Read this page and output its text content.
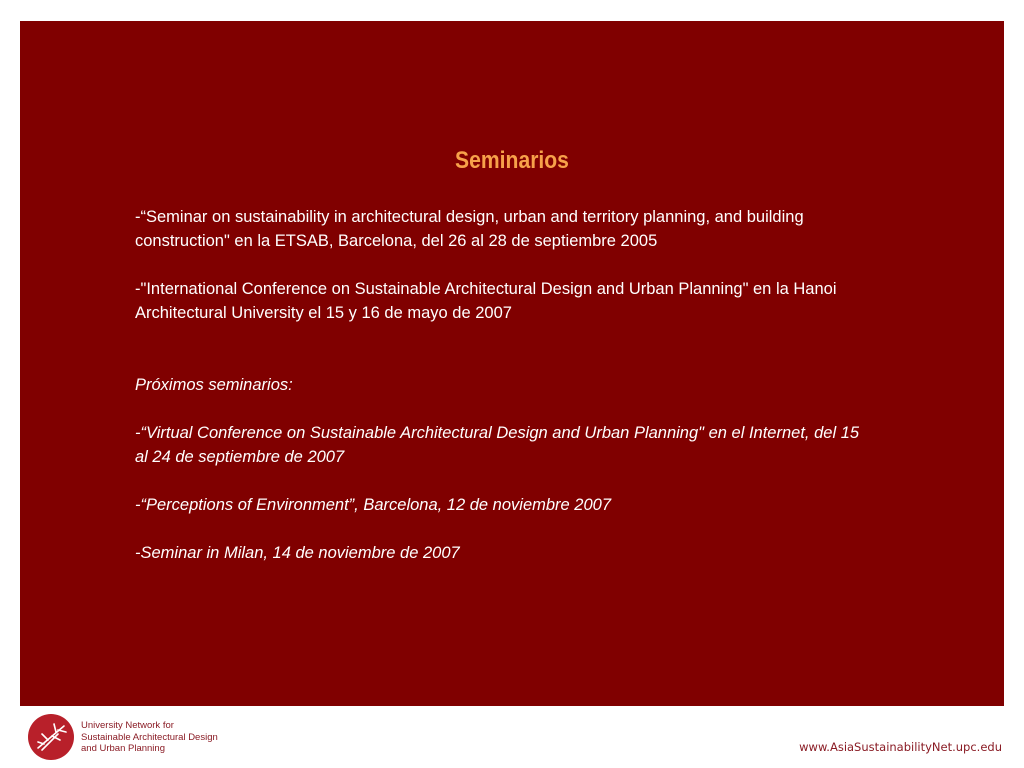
Seminarios

-“Seminar on sustainability in architectural design, urban and territory planning, and building construction" en la ETSAB, Barcelona, del 26 al 28 de septiembre 2005

-"International Conference on Sustainable Architectural Design and Urban Planning" en la Hanoi Architectural University el 15 y 16 de mayo de 2007

Próximos seminarios:

-“Virtual Conference on Sustainable Architectural Design and Urban Planning" en el Internet, del 15 al 24 de septiembre de 2007

-“Perceptions of Environment”, Barcelona, 12 de noviembre 2007

-Seminar in Milan, 14 de noviembre de 2007

University Network for
Sustainable Architectural Design
and Urban Planning	www.AsiaSustainabilityNet.upc.edu
